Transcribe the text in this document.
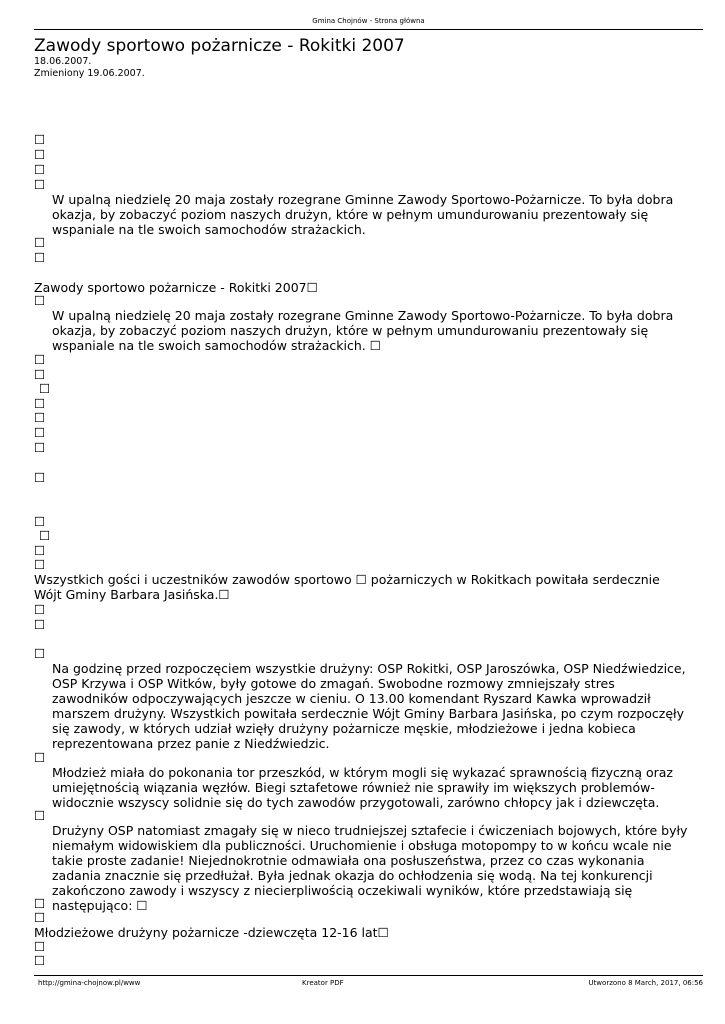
Gmina Chojnów - Strona główna
Zawody sportowo pożarnicze - Rokitki 2007
18.06.2007.
Zmieniony 19.06.2007.
☐
☐
☐
☐
W upalną niedzielę 20 maja zostały rozegrane Gminne Zawody Sportowo-Pożarnicze. To była dobra okazja, by zobaczyć poziom naszych drużyn, które w pełnym umundurowaniu prezentowały się wspaniale na tle swoich samochodów strażackich.
☐
☐
Zawody sportowo pożarnicze - Rokitki 2007☐
☐
W upalną niedzielę 20 maja zostały rozegrane Gminne Zawody Sportowo-Pożarnicze. To była dobra okazja, by zobaczyć poziom naszych drużyn, które w pełnym umundurowaniu prezentowały się wspaniale na tle swoich samochodów strażackich. ☐
☐
☐
☐
☐
☐
☐
☐
☐
☐
☐
☐
☐
Wszystkich gości i uczestników zawodów sportowo ☐ pożarniczych w Rokitkach powitała serdecznie Wójt Gminy Barbara Jasińska.☐
☐
☐
☐
Na godzinę przed rozpoczęciem wszystkie drużyny: OSP Rokitki, OSP Jaroszówka, OSP Niedźwiedzice, OSP Krzywa i OSP Witków, były gotowe do zmagań. Swobodne rozmowy zmniejszały stres zawodników odpoczywających jeszcze w cieniu. O 13.00 komendant Ryszard Kawka wprowadził marszem drużyny. Wszystkich powitała serdecznie Wójt Gminy Barbara Jasińska, po czym rozpoczęły się zawody, w których udział wzięły drużyny pożarnicze męskie, młodzieżowe i jedna kobieca reprezentowana przez panie z Niedźwiedzic.
☐
Młodzież miała do pokonania tor przeszkód, w którym mogli się wykazać sprawnością fizyczną oraz umiejętnością wiązania węzłów. Biegi sztafetowe również nie sprawiły im większych problemów- widocznie wszyscy solidnie się do tych zawodów przygotowali, zarówno chłopcy jak i dziewczęta.
☐
Drużyny OSP natomiast zmagały się w nieco trudniejszej sztafecie i ćwiczeniach bojowych, które były niemałym widowiskiem dla publiczności. Uruchomienie i obsługa motopompy to w końcu wcale nie takie proste zadanie! Niejednokrotnie odmawiała ona posłuszeństwa, przez co czas wykonania zadania znacznie się przedłużał. Była jednak okazja do ochłodzenia się wodą. Na tej konkurencji zakończono zawody i wszyscy z niecierpliwością oczekiwali wyników, które przedstawiają się następująco: ☐
☐
☐
Młodzieżowe drużyny pożarnicze -dziewczęta 12-16 lat☐
☐
☐
http://gmina-chojnow.pl/www	Kreator PDF	Utworzono 8 March, 2017, 06:56
